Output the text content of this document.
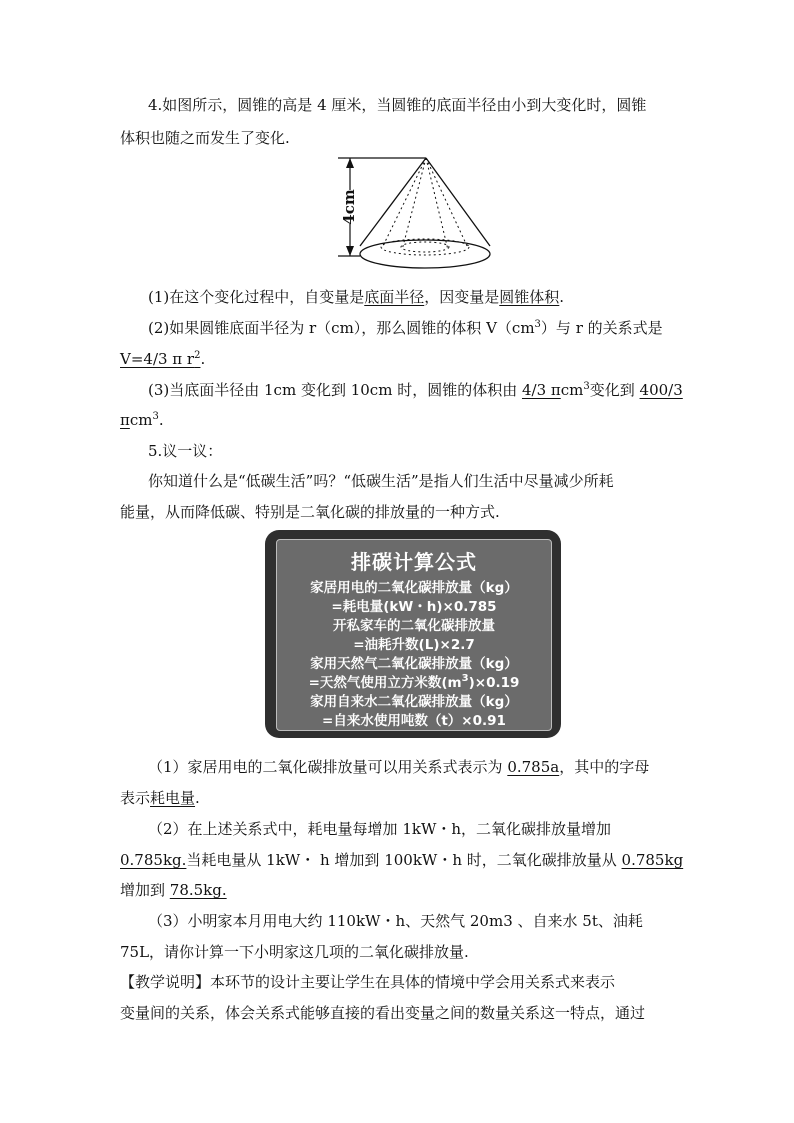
4.如图所示，圆锥的高是 4 厘米，当圆锥的底面半径由小到大变化时，圆锥

体积也随之而发生了变化.

4cm

(1)在这个变化过程中，自变量是底面半径，因变量是圆锥体积.

(2)如果圆锥底面半径为 r（cm），那么圆锥的体积 $V(cm^3)$与 r 的关系式是

V=4/3 π $r^2$.

(3)当底面半径由 1cm 变化到 10cm 时，圆锥的体积由 4/3 πcm$^3$变化到 400/3

πcm$^3$.

5.议一议：

你知道什么是“低碳生活”吗？“低碳生活”是指人们生活中尽量减少所耗

能量，从而降低碳、特别是二氧化碳的排放量的一种方式.

排碳计算公式
家居用电的二氧化碳排放量（kg）
=耗电量(kW・h)×0.785
开私家车的二氧化碳排放量
=油耗升数(L)×2.7
家用天然气二氧化碳排放量（kg）
=天然气使用立方米数$(m^3)\times 0.19$
家用自来水二氧化碳排放量（kg）
=自来水使用吨数（t）×0.91

（1）家居用电的二氧化碳排放量可以用关系式表示为 0.785a，其中的字母

表示耗电量.

（2）在上述关系式中，耗电量每增加 1kW・h，二氧化碳排放量增加

0.785kg.当耗电量从 1kW・ h 增加到 100kW・h 时，二氧化碳排放量从 0.785kg

增加到 78.5kg.

（3）小明家本月用电大约 110kW・h、天然气 20m3 、自来水 5t、油耗

75L，请你计算一下小明家这几项的二氧化碳排放量.

【教学说明】本环节的设计主要让学生在具体的情境中学会用关系式来表示

变量间的关系，体会关系式能够直接的看出变量之间的数量关系这一特点，通过
